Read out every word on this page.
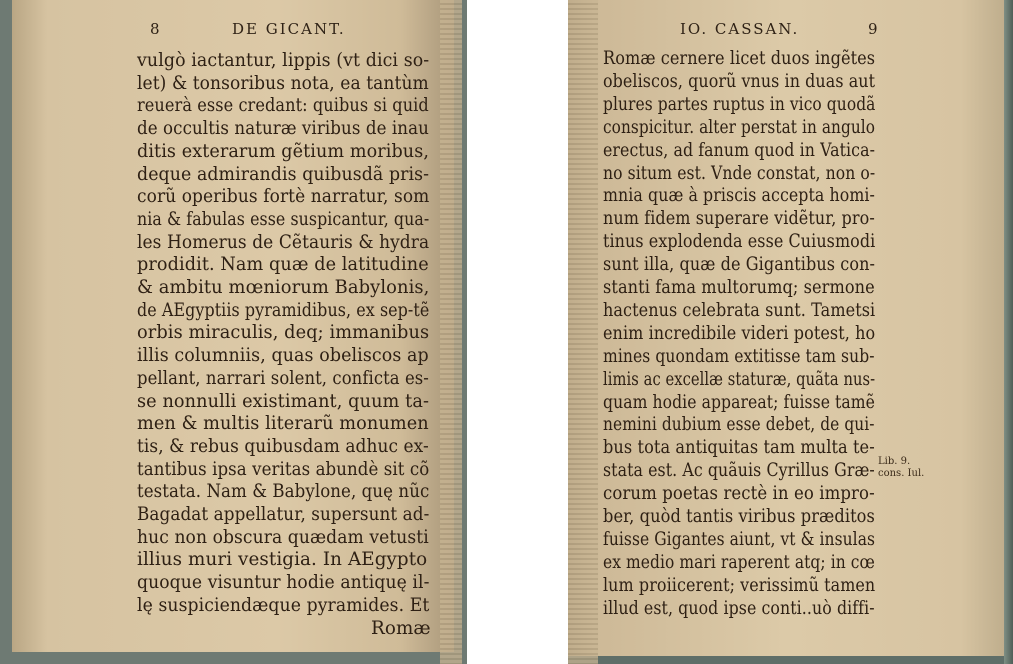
8	DE GICANT.
vulgò iactantur, lippis (vt dici so-
let) & tonsoribus nota, ea tantùm
reuerà esse credant: quibus si quid
de occultis naturæ viribus de inau
ditis exterarum gẽtium moribus,
deque admirandis quibusdã pris-
corũ operibus fortè narratur, som
nia & fabulas esse suspicantur, qua-
les Homerus de Cẽtauris & hydra
prodidit. Nam quæ de latitudine
& ambitu mœniorum Babylonis,
de AEgyptiis pyramidibus, ex sep-tẽ
orbis miraculis, deq; immanibus
illis columniis, quas obeliscos ap
pellant, narrari solent, conficta es-
se nonnulli existimant, quum ta-
men & multis literarũ monumen
tis, & rebus quibusdam adhuc ex-
tantibus ipsa veritas abundè sit cõ
testata. Nam & Babylone, quę nũc
Bagadat appellatur, supersunt ad-
huc non obscura quædam vetusti
illius muri vestigia. In AEgypto
quoque visuntur hodie antiquę il-
lę suspiciendæque pyramides. Et
Romæ
IO. CASSAN.	9
Romæ cernere licet duos ingẽtes
obeliscos, quorũ vnus in duas aut
plures partes ruptus in vico quodã
conspicitur. alter perstat in angulo
erectus, ad fanum quod in Vatica-
no situm est. Vnde constat, non o-
mnia quæ à priscis accepta homi-
num fidem superare vidẽtur, pro-
tinus explodenda esse Cuiusmodi
sunt illa, quæ de Gigantibus con-
stanti fama multorumq; sermone
hactenus celebrata sunt. Tametsi
enim incredibile videri potest, ho
mines quondam extitisse tam sub-
limis ac excellæ staturæ, quãta nus-
quam hodie appareat; fuisse tamẽ
nemini dubium esse debet, de qui-
bus tota antiquitas tam multa te-
stata est. Ac quãuis Cyrillus Græ-
corum poetas rectè in eo impro-
ber, quòd tantis viribus præditos
fuisse Gigantes aiunt, vt & insulas
ex medio mari raperent atq; in cœ
lum proiicerent; verissimũ tamen
illud est, quod ipse conti..uò diffi-
Lib. 9.
cons. Iul.
